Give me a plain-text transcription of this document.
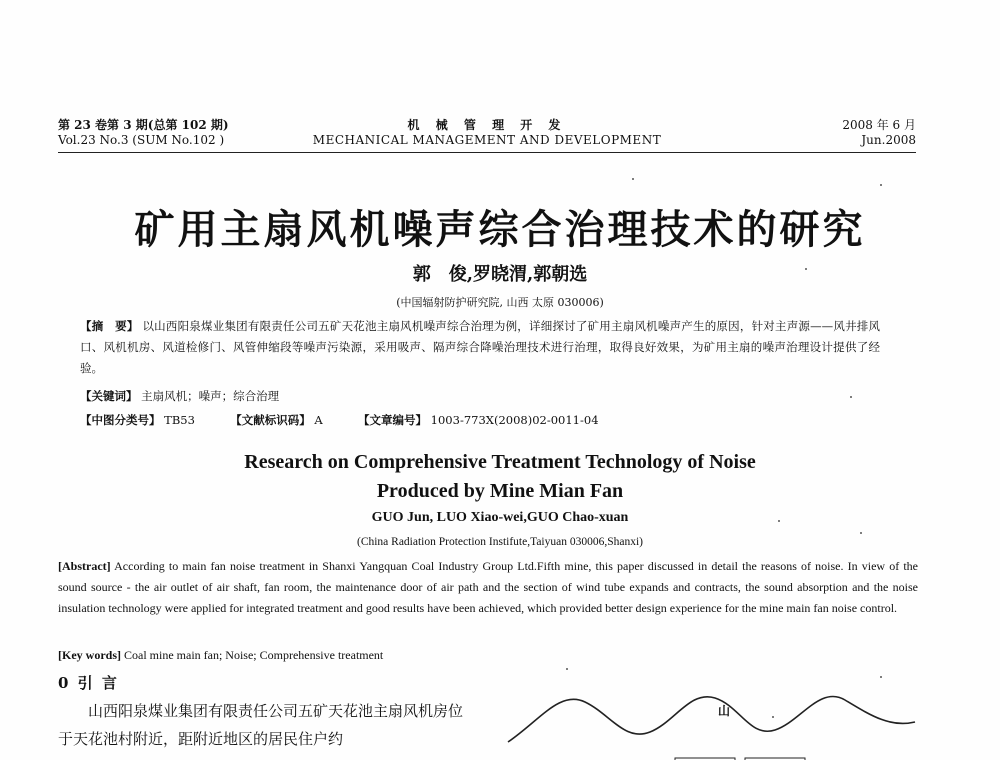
第 23 卷第 3 期(总第 102 期)
Vol.23 No.3 (SUM No.102 )
机 械 管 理 开 发
MECHANICAL MANAGEMENT AND DEVELOPMENT
2008 年 6 月
Jun.2008
矿用主扇风机噪声综合治理技术的研究
郭　俊,罗晓渭,郭朝选
(中国辐射防护研究院, 山西 太原 030006)
【摘　要】 以山西阳泉煤业集团有限责任公司五矿天花池主扇风机噪声综合治理为例，详细探讨了矿用主扇风机噪声产生的原因，针对主声源——风井排风口、风机机房、风道检修门、风管伸缩段等噪声污染源，采用吸声、隔声综合降噪治理技术进行治理，取得良好效果，为矿用主扇的噪声治理设计提供了经验。
【关键词】 主扇风机；噪声；综合治理
【中图分类号】 TB53	【文献标识码】 A	【文章编号】 1003-773X(2008)02-0011-04
Research on Comprehensive Treatment Technology of Noise
Produced by Mine Mian Fan
GUO Jun, LUO Xiao-wei,GUO Chao-xuan
(China Radiation Protection Instifute,Taiyuan 030006,Shanxi)
[Abstract] According to main fan noise treatment in Shanxi Yangquan Coal Industry Group Ltd.Fifth mine, this paper discussed in detail the reasons of noise. In view of the sound source - the air outlet of air shaft, fan room, the maintenance door of air path and the section of wind tube expands and contracts, the sound absorption and the noise insulation technology were applied for integrated treatment and good results have been achieved, which provided better design experience for the mine main fan noise control.
[Key words] Coal mine main fan; Noise; Comprehensive treatment
0 引 言
山西阳泉煤业集团有限责任公司五矿天花池主扇风机房位于天花池村附近，距附近地区的居民住户约
山
